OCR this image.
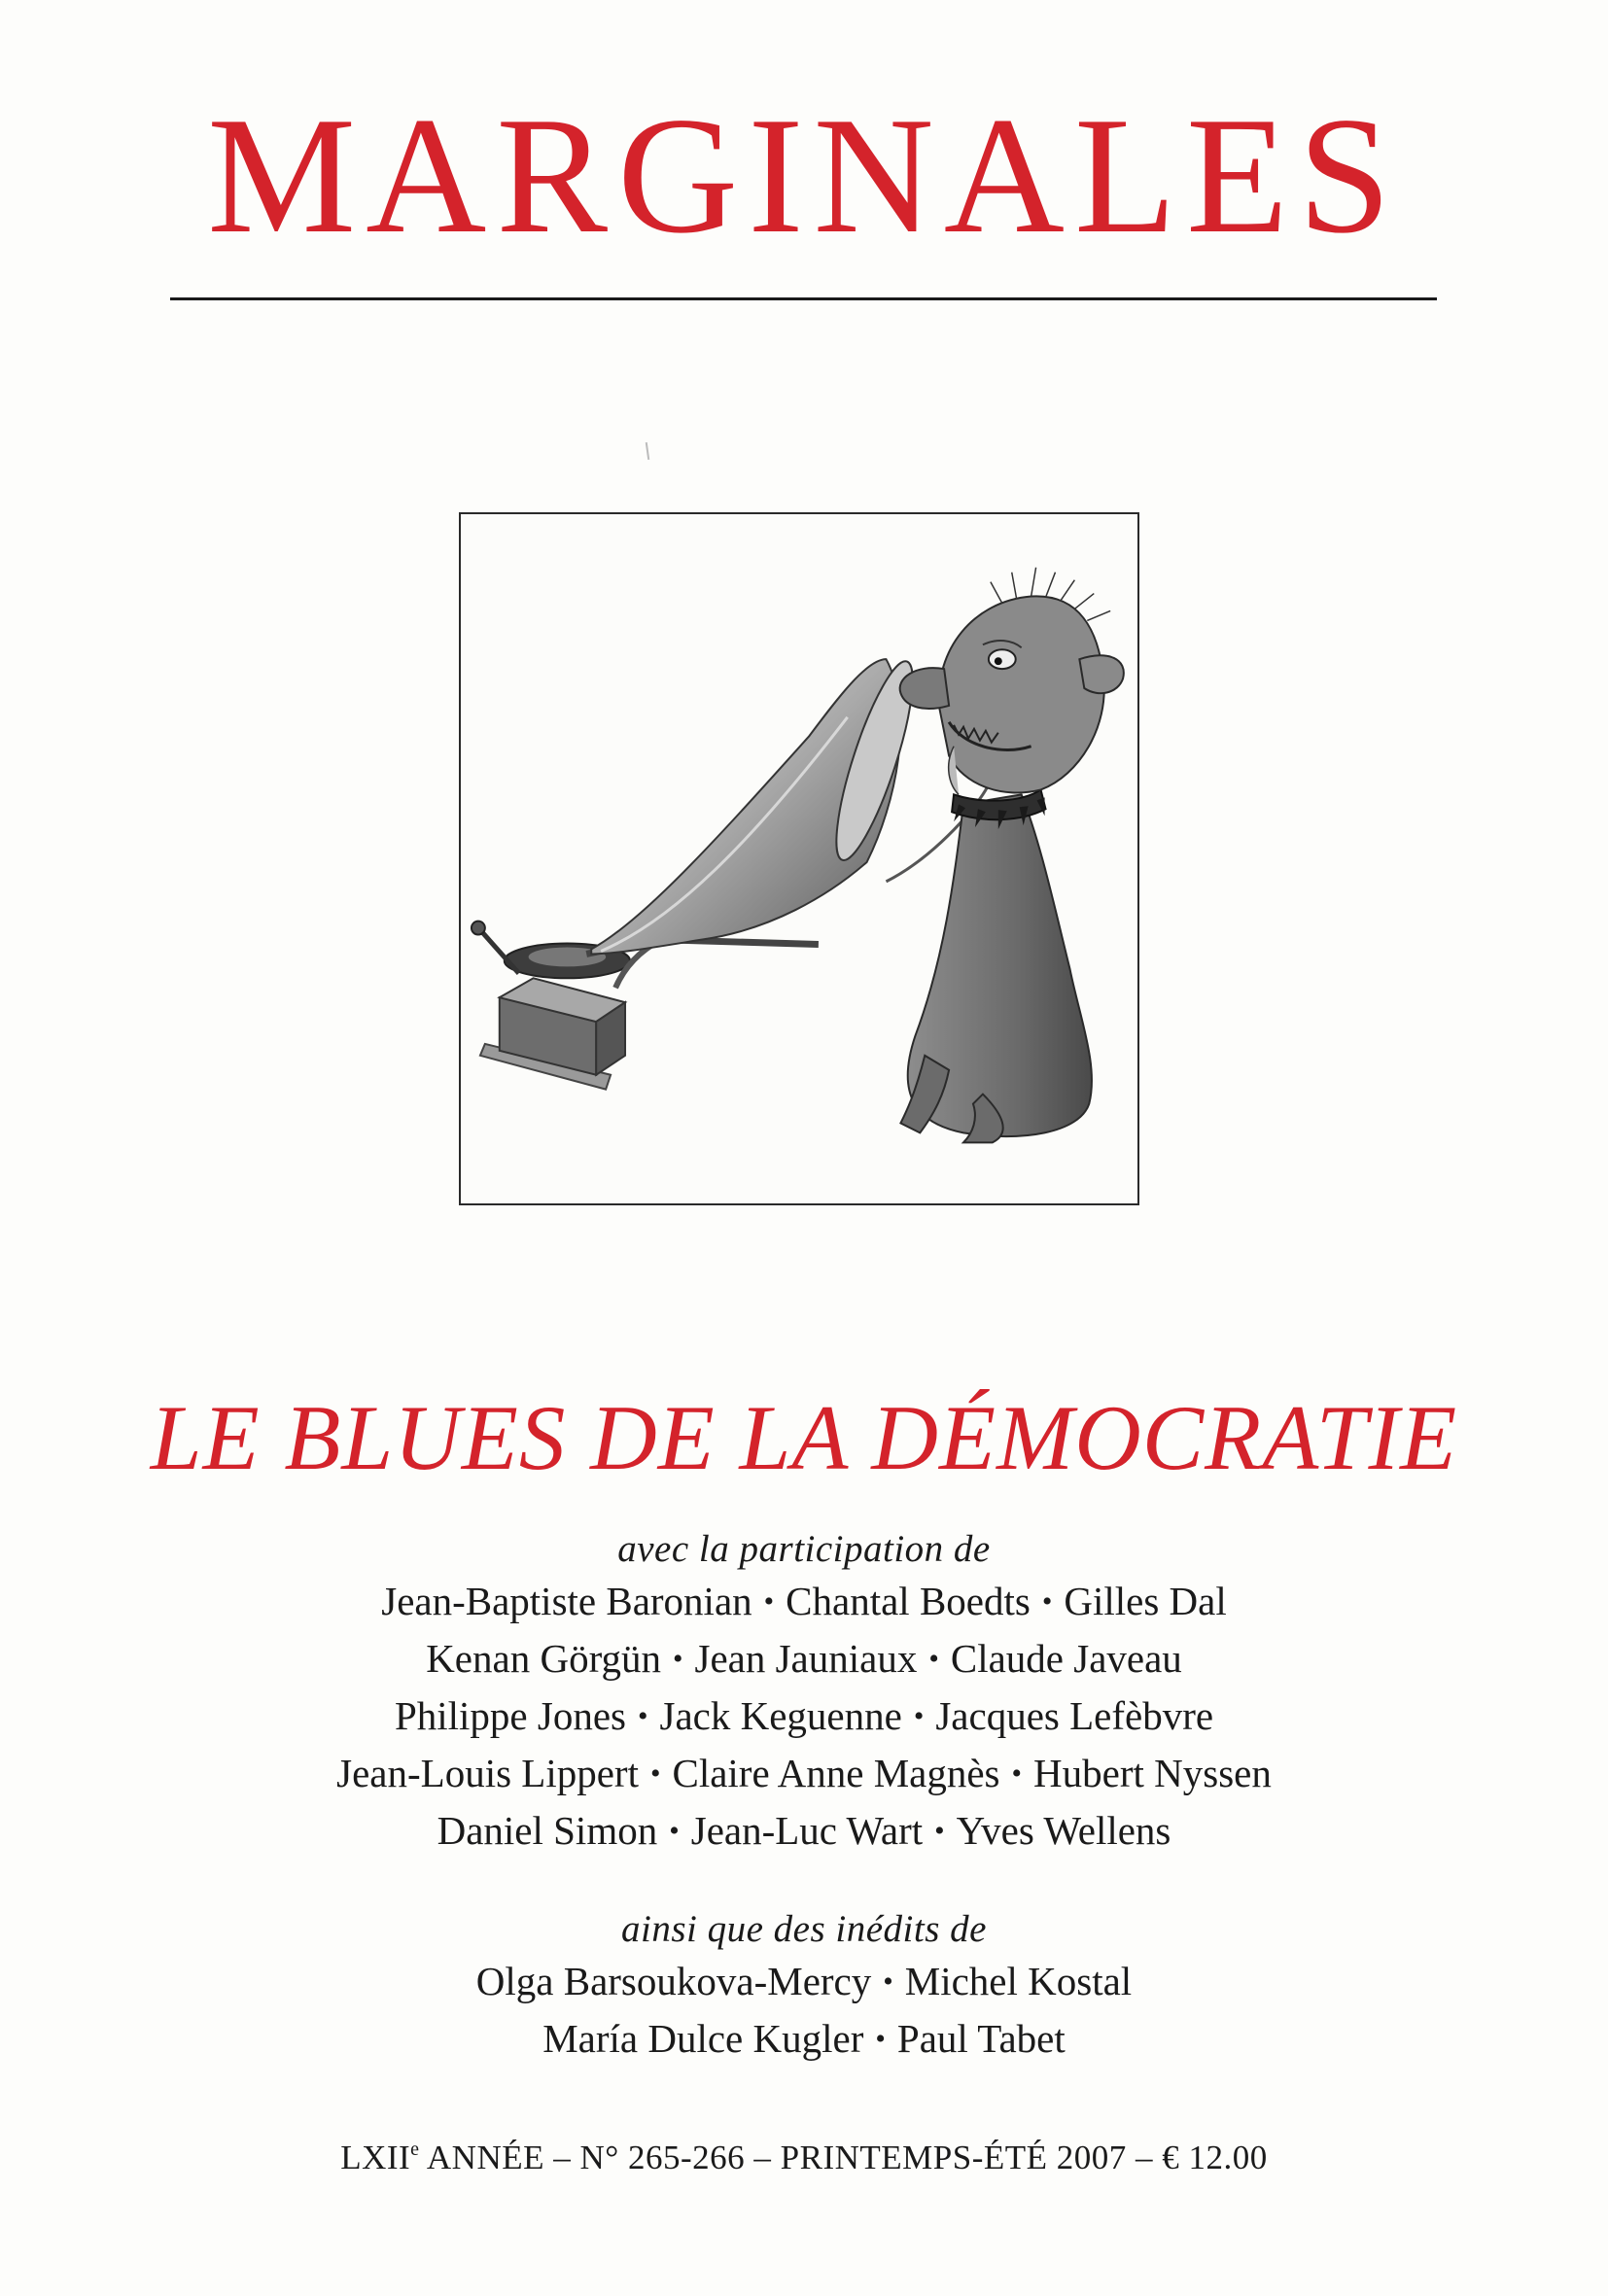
MARGINALES
LE BLUES DE LA DÉMOCRATIE
avec la participation de
Jean-Baptiste Baronian • Chantal Boedts • Gilles Dal
Kenan Görgün • Jean Jauniaux • Claude Javeau
Philippe Jones • Jack Keguenne • Jacques Lefèbvre
Jean-Louis Lippert • Claire Anne Magnès • Hubert Nyssen
Daniel Simon • Jean-Luc Wart • Yves Wellens
ainsi que des inédits de
Olga Barsoukova-Mercy • Michel Kostal
María Dulce Kugler • Paul Tabet
LXIIe ANNÉE – N° 265-266 – PRINTEMPS-ÉTÉ 2007 – € 12.00
